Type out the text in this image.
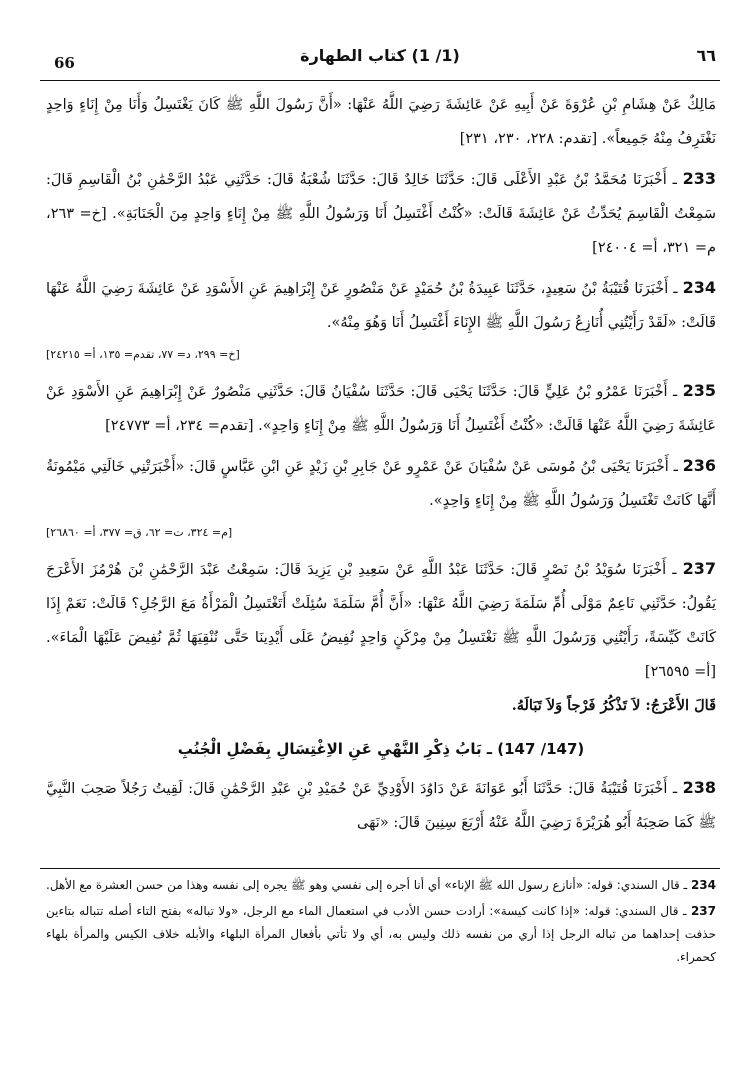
66	(1/ 1) كتاب الطهارة	٦٦

مَالِكٌ عَنْ هِشَامِ بْنِ عُرْوَةَ عَنْ أَبِيهِ عَنْ عَائِشَةَ رَضِيَ اللَّهُ عَنْهَا: «أَنَّ رَسُولَ اللَّهِ ﷺ كَانَ يَغْتَسِلُ وَأَنَا مِنْ إِنَاءٍ وَاحِدٍ نَغْتَرِفُ مِنْهُ جَمِيعاً». [تقدم: ٢٢٨، ٢٣٠، ٢٣١]

233 ـ أَخْبَرَنَا مُحَمَّدُ بْنُ عَبْدِ الأَعْلَى قَالَ: حَدَّثَنَا خَالِدٌ قَالَ: حَدَّثَنَا شُعْبَةُ قَالَ: حَدَّثَنِي عَبْدُ الرَّحْمَٰنِ بْنُ الْقَاسِمِ قَالَ: سَمِعْتُ الْقَاسِمَ يُحَدِّثُ عَنْ عَائِشَةَ قَالَتْ: «كُنْتُ أَغْتَسِلُ أَنَا وَرَسُولُ اللَّهِ ﷺ مِنْ إِنَاءٍ وَاحِدٍ مِنَ الْجَنَابَةِ». [خ= ٢٦٣، م= ٣٢١، أ= ٢٤٠٠٤]

234 ـ أَخْبَرَنَا قُتَيْبَةُ بْنُ سَعِيدٍ، حَدَّثَنَا عَبِيدَةُ بْنُ حُمَيْدٍ عَنْ مَنْصُورٍ عَنْ إِبْرَاهِيمَ عَنِ الأَسْوَدِ عَنْ عَائِشَةَ رَضِيَ اللَّهُ عَنْهَا قَالَتْ: «لَقَدْ رَأَيْتُنِي أُنَازِعُ رَسُولَ اللَّهِ ﷺ الإِنَاءَ أَغْتَسِلُ أَنَا وَهُوَ مِنْهُ».

[خ= ٢٩٩، د= ٧٧، تقدم= ١٣٥، أ= ٢٤٢١٥]

235 ـ أَخْبَرَنَا عَمْرُو بْنُ عَلِيٍّ قَالَ: حَدَّثَنَا يَحْيَى قَالَ: حَدَّثَنَا سُفْيَانُ قَالَ: حَدَّثَنِي مَنْصُورٌ عَنْ إِبْرَاهِيمَ عَنِ الأَسْوَدِ عَنْ عَائِشَةَ رَضِيَ اللَّهُ عَنْهَا قَالَتْ: «كُنْتُ أَغْتَسِلُ أَنَا وَرَسُولُ اللَّهِ ﷺ مِنْ إِنَاءٍ وَاحِدٍ». [تقدم= ٢٣٤، أ= ٢٤٧٧٣]

236 ـ أَخْبَرَنَا يَحْيَى بْنُ مُوسَى عَنْ سُفْيَانَ عَنْ عَمْرٍو عَنْ جَابِرِ بْنِ زَيْدٍ عَنِ ابْنِ عَبَّاسٍ قَالَ: «أَخْبَرَتْنِي خَالَتِي مَيْمُونَةُ أَنَّهَا كَانَتْ تَغْتَسِلُ وَرَسُولُ اللَّهِ ﷺ مِنْ إِنَاءٍ وَاحِدٍ».

[م= ٣٢٤، ت= ٦٢، ق= ٣٧٧، أ= ٢٦٨٦٠]

237 ـ أَخْبَرَنَا سُوَيْدُ بْنُ نَصْرٍ قَالَ: حَدَّثَنَا عَبْدُ اللَّهِ عَنْ سَعِيدِ بْنِ يَزِيدَ قَالَ: سَمِعْتُ عَبْدَ الرَّحْمَٰنِ بْنَ هُرْمُزَ الأَعْرَجَ يَقُولُ: حَدَّثَنِي نَاعِمٌ مَوْلَى أُمِّ سَلَمَةَ رَضِيَ اللَّهُ عَنْهَا: «أَنَّ أُمَّ سَلَمَةَ سُئِلَتْ أَتَغْتَسِلُ الْمَرْأَةُ مَعَ الرَّجُلِ؟ قَالَتْ: نَعَمْ إِذَا كَانَتْ كَيِّسَةً، رَأَيْتُنِي وَرَسُولَ اللَّهِ ﷺ نَغْتَسِلُ مِنْ مِرْكَنٍ وَاحِدٍ نُفِيضُ عَلَى أَيْدِينَا حَتَّى نُنْقِيَهَا ثُمَّ نُفِيضَ عَلَيْهَا الْمَاءَ». [أ= ٢٦٥٩٥]

قَالَ الأَعْرَجُ: لاَ تَذْكُرُ فَرْجاً وَلاَ تَبَالَهُ.

(147/ 147) ـ بَابُ ذِكْرِ النَّهْيِ عَنِ الاِغْتِسَالِ بِفَضْلِ الْجُنُبِ

238 ـ أَخْبَرَنَا قُتَيْبَةُ قَالَ: حَدَّثَنَا أَبُو عَوَانَةَ عَنْ دَاوُدَ الأَوْدِيِّ عَنْ حُمَيْدِ بْنِ عَبْدِ الرَّحْمَٰنِ قَالَ: لَقِيتُ رَجُلاً صَحِبَ النَّبِيَّ ﷺ كَمَا صَحِبَهُ أَبُو هُرَيْرَةَ رَضِيَ اللَّهُ عَنْهُ أَرْبَعَ سِنِينَ قَالَ: «نَهَى

234 ـ قال السندي: قوله: «أنازع رسول الله ﷺ الإناء» أي أنا أجره إلى نفسي وهو ﷺ يجره إلى نفسه وهذا من حسن العشرة مع الأهل.

237 ـ قال السندي: قوله: «إذا كانت كيسة»: أرادت حسن الأدب في استعمال الماء مع الرجل، «ولا تباله» بفتح التاء أصله تتباله بتاءين حذفت إحداهما من تباله الرجل إذا أري من نفسه ذلك وليس به، أي ولا تأتي بأفعال المرأة البلهاء والأبله خلاف الكيس والمرأة بلهاء كحمراء.
